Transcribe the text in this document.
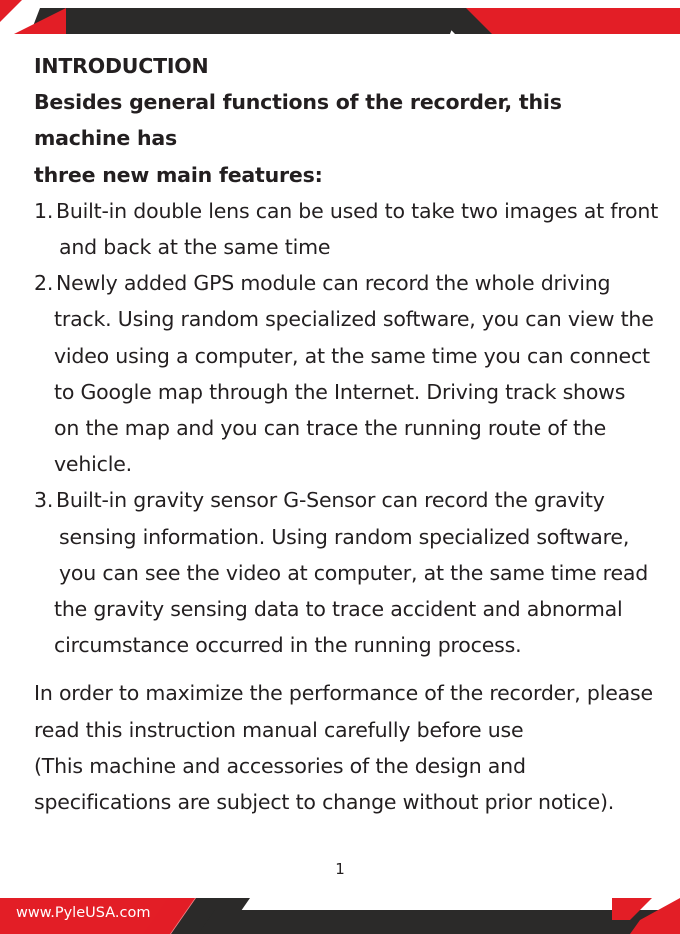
INTRODUCTION
Besides general functions of the recorder, this machine has
three new main features:
1. Built-in double lens can be used to take two images at front
and back at the same time
2. Newly added GPS module can record the whole driving
track. Using random specialized software, you can view the
video using a computer, at the same time you can connect
to Google map through the Internet. Driving track shows
on the map and you can trace the running route of the
vehicle.
3. Built-in gravity sensor G-Sensor can record the gravity
sensing information. Using random specialized software,
you can see the video at computer, at the same time read
the gravity sensing data to trace accident and abnormal
circumstance occurred in the running process.
In order to maximize the performance of the recorder, please
read this instruction manual carefully before use
(This machine and accessories of the design and
specifications are subject to change without prior notice).
1
www.PyleUSA.com
